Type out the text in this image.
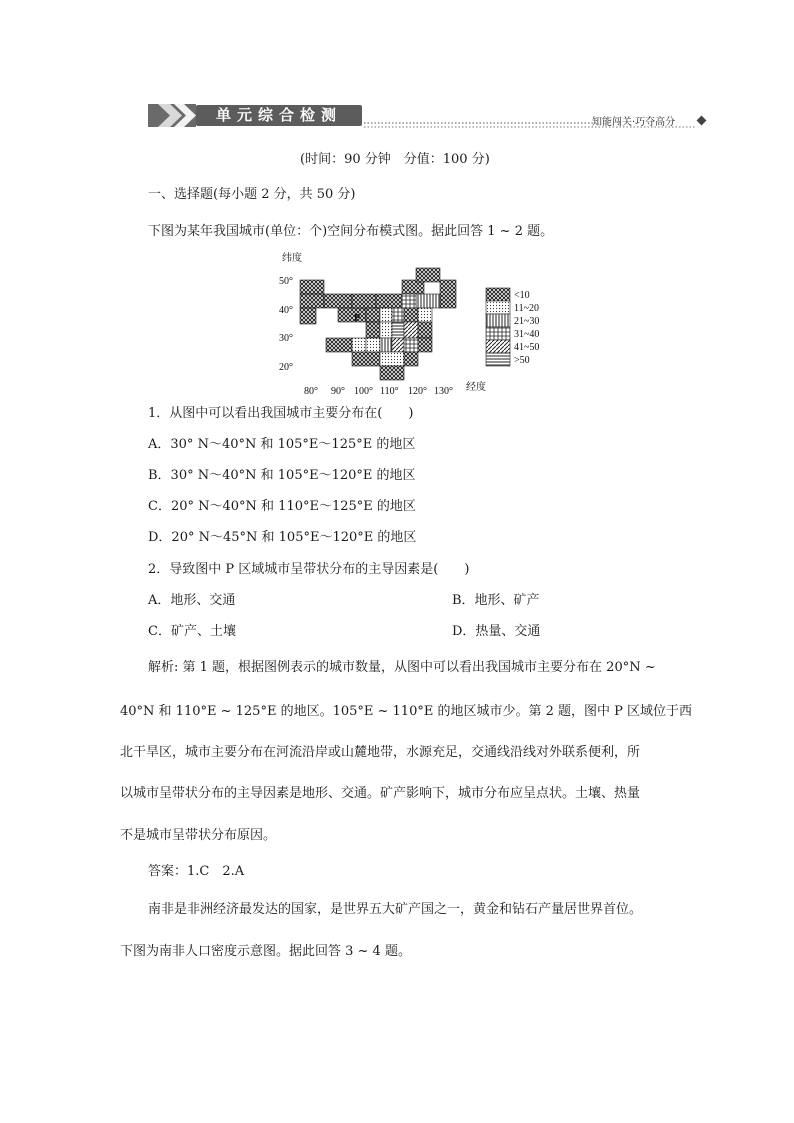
单元综合检测	知能闯关·巧夺高分
(时间：90 分钟　分值：100 分)
一、选择题(每小题 2 分，共 50 分)
下图为某年我国城市(单位：个)空间分布模式图。据此回答 1 ~ 2 题。
纬度
经度
50°
40°
30°
20°
80° 90° 100° 110° 120° 130°
P
<10
11~20
21~30
31~40
41~50
>50
1．从图中可以看出我国城市主要分布在(　　)
A．30° N～40°N 和 105°E～125°E 的地区
B．30° N～40°N 和 105°E～120°E 的地区
C．20° N～40°N 和 110°E～125°E 的地区
D．20° N～45°N 和 105°E～120°E 的地区
2．导致图中 P 区域城市呈带状分布的主导因素是(　　)
A．地形、交通	B．地形、矿产
C．矿产、土壤	D．热量、交通
解析: 第 1 题，根据图例表示的城市数量，从图中可以看出我国城市主要分布在 20°N ~
40°N 和 110°E ~ 125°E 的地区。105°E ~ 110°E 的地区城市少。第 2 题，图中 P 区域位于西
北干旱区，城市主要分布在河流沿岸或山麓地带，水源充足，交通线沿线对外联系便利，所
以城市呈带状分布的主导因素是地形、交通。矿产影响下，城市分布应呈点状。土壤、热量
不是城市呈带状分布原因。
答案：1.C　2.A
南非是非洲经济最发达的国家，是世界五大矿产国之一，黄金和钻石产量居世界首位。
下图为南非人口密度示意图。据此回答 3 ~ 4 题。
